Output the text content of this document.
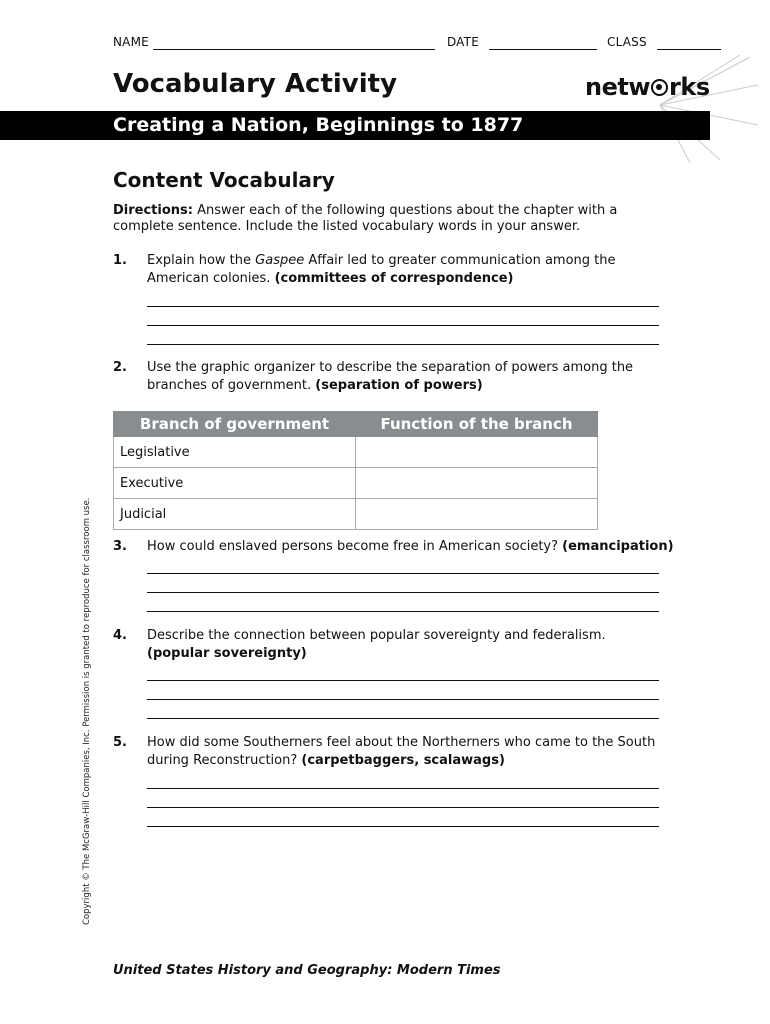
NAME	DATE	CLASS
Vocabulary Activity	netw rks
Creating a Nation, Beginnings to 1877
Content Vocabulary
Directions: Answer each of the following questions about the chapter with a complete sentence. Include the listed vocabulary words in your answer.
1. Explain how the Gaspee Affair led to greater communication among the American colonies. (committees of correspondence)
2. Use the graphic organizer to describe the separation of powers among the branches of government. (separation of powers)
Branch of government	Function of the branch
Legislative	
Executive	
Judicial	
3. How could enslaved persons become free in American society? (emancipation)
4. Describe the connection between popular sovereignty and federalism.
(popular sovereignty)
5. How did some Southerners feel about the Northerners who came to the South during Reconstruction? (carpetbaggers, scalawags)
Copyright © The McGraw-Hill Companies, Inc. Permission is granted to reproduce for classroom use.
United States History and Geography: Modern Times
